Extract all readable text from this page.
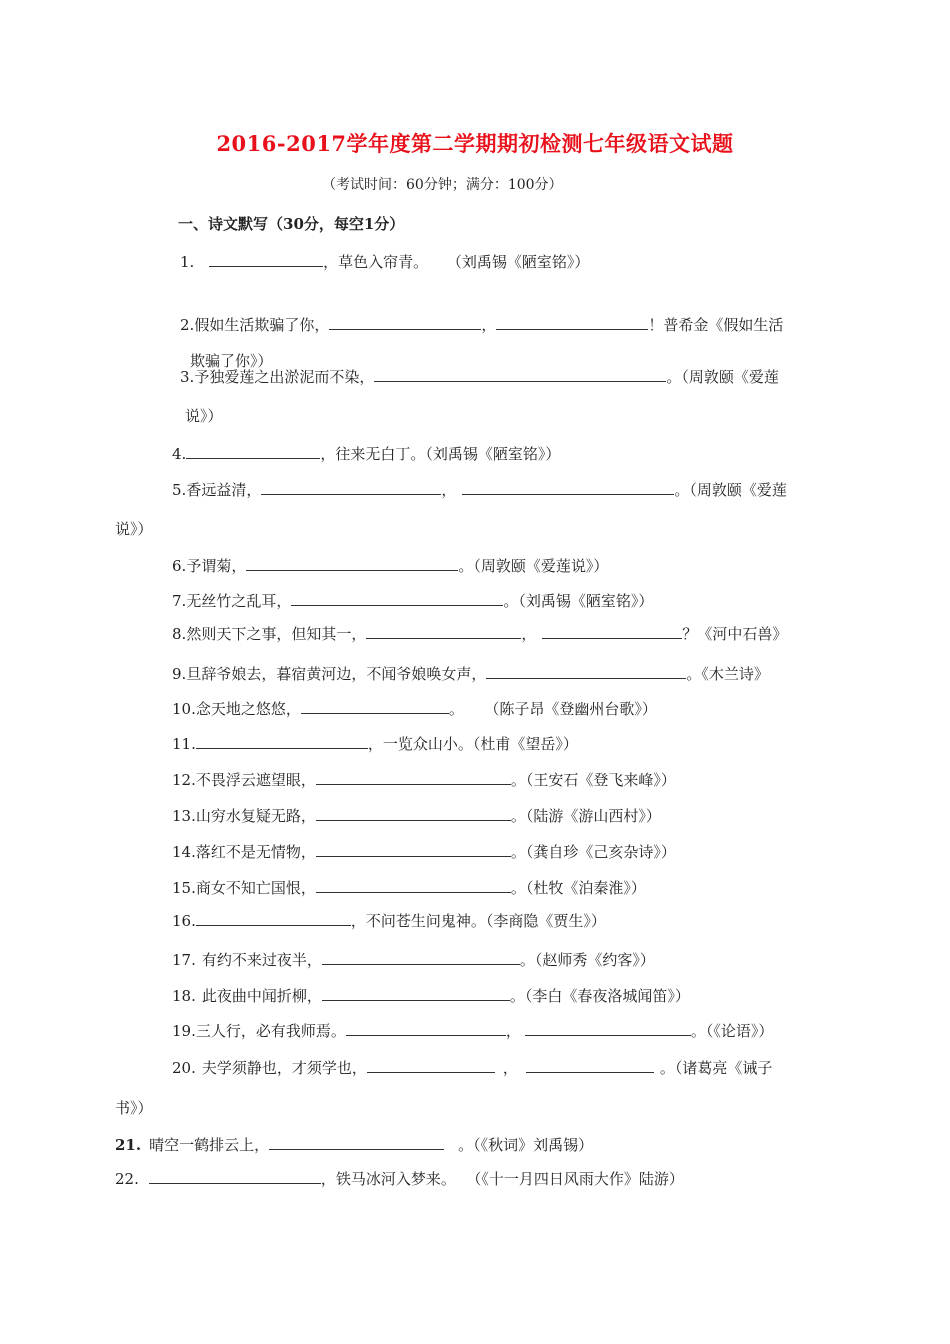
2016-2017学年度第二学期期初检测七年级语文试题
（考试时间：60分钟；满分：100分）
一、诗文默写（30分，每空1分）
1.	，草色入帘青。 （刘禹锡《陋室铭》）
2.假如生活欺骗了你，	，	！普希金《假如生活
欺骗了你》）
3.予独爱莲之出淤泥而不染，	。（周敦颐《爱莲
说》）
4.	，往来无白丁。（刘禹锡《陋室铭》）
5.香远益清，	，	。（周敦颐《爱莲
说》）
6.予谓菊，	。（周敦颐《爱莲说》）
7.无丝竹之乱耳，	。（刘禹锡《陋室铭》）
8.然则天下之事，但知其一，	，	？《河中石兽》
9.旦辞爷娘去，暮宿黄河边，不闻爷娘唤女声，	。《木兰诗》
10.念天地之悠悠，	。 （陈子昂《登幽州台歌》）
11.	，一览众山小。（杜甫《望岳》）
12.不畏浮云遮望眼，	。（王安石《登飞来峰》）
13.山穷水复疑无路，	。（陆游《游山西村》）
14.落红不是无情物，	。（龚自珍《己亥杂诗》）
15.商女不知亡国恨，	。（杜牧《泊秦淮》）
16.	，不问苍生问鬼神。（李商隐《贾生》）
17. 有约不来过夜半，	。（赵师秀《约客》）
18. 此夜曲中闻折柳，	。（李白《春夜洛城闻笛》）
19.三人行，必有我师焉。	，	。（《论语》）
20. 夫学须静也，才须学也，	，	。（诸葛亮《诫子
书》）
21. 晴空一鹤排云上，	。（《秋词》刘禹锡）
22.	，铁马冰河入梦来。 （《十一月四日风雨大作》陆游）
